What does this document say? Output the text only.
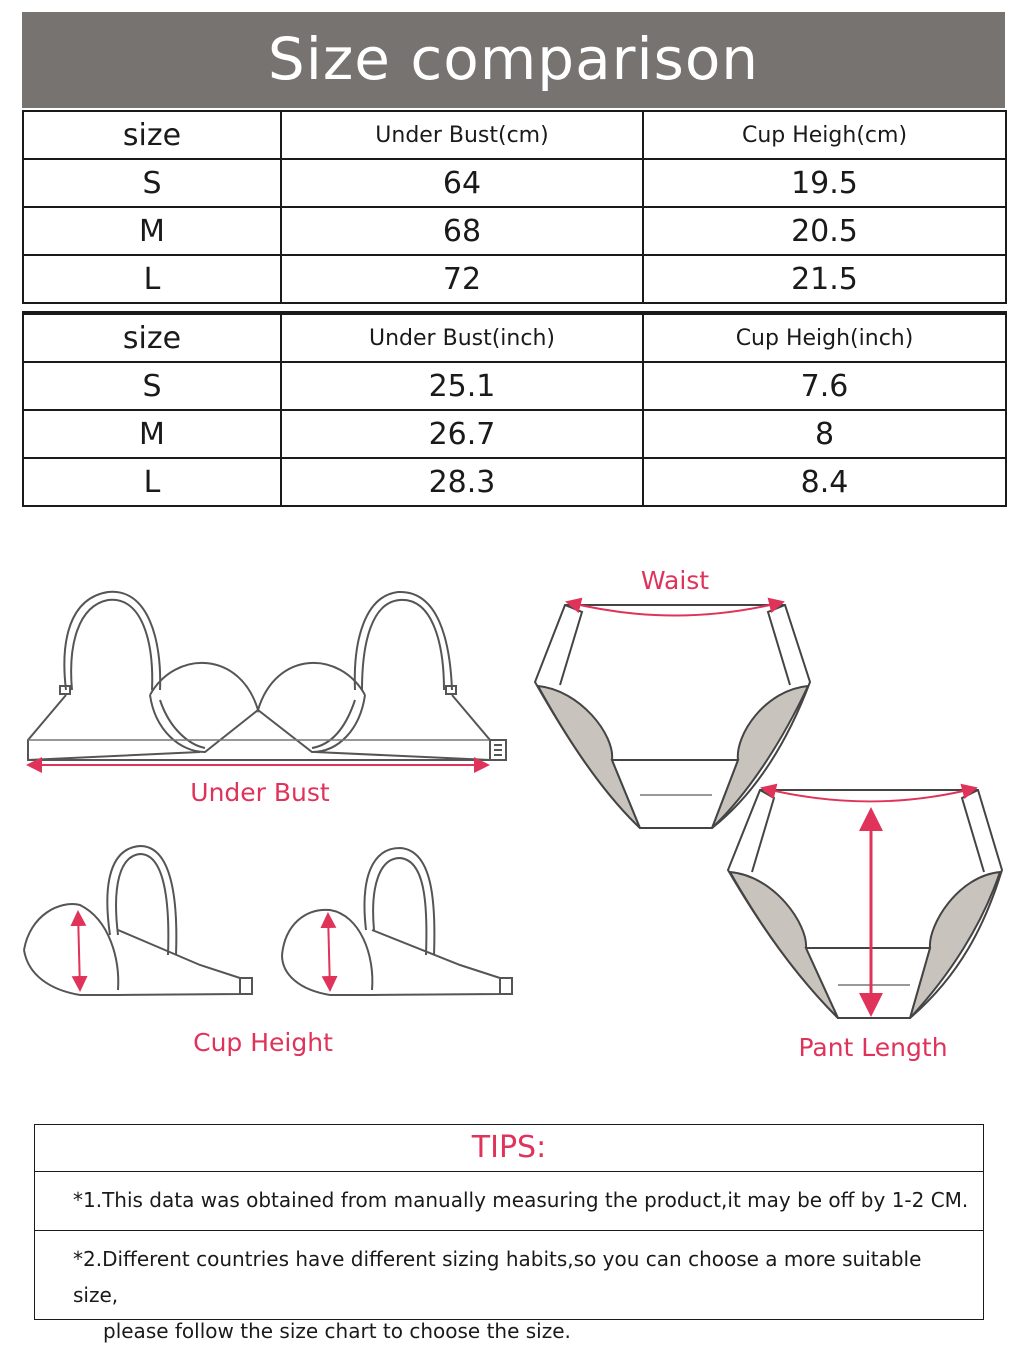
Size comparison
size	Under Bust(cm)	Cup Heigh(cm)
S	64	19.5
M	68	20.5
L	72	21.5
size	Under Bust(inch)	Cup Heigh(inch)
S	25.1	7.6
M	26.7	8
L	28.3	8.4
Under Bust
Cup Height
Waist
Pant Length
TIPS:
*1.This data was obtained from manually measuring the product,it may be off by 1-2 CM.
*2.Different countries have different sizing habits,so you can choose a more suitable size,
please follow the size chart to choose the size.
